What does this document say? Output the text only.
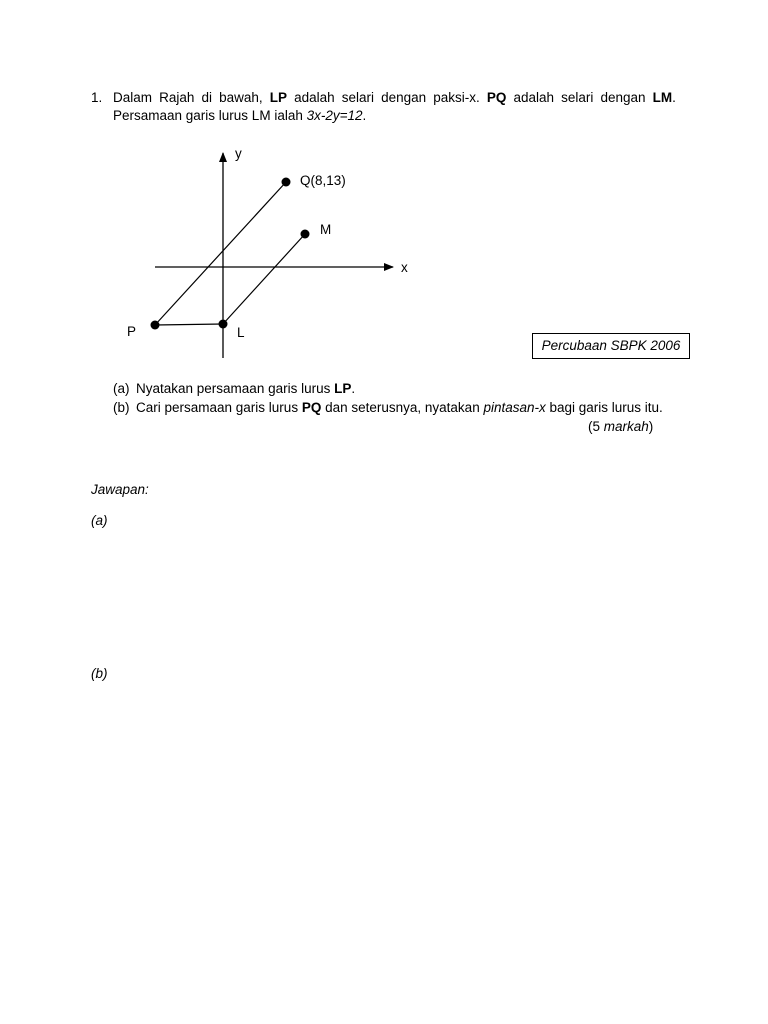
1. Dalam Rajah di bawah, LP adalah selari dengan paksi-x. PQ adalah selari dengan LM.
Persamaan garis lurus LM ialah 3x-2y=12.
y
x
Q(8,13)
M
P	L
Percubaan SBPK 2006
(a) Nyatakan persamaan garis lurus LP.
(b) Cari persamaan garis lurus PQ dan seterusnya, nyatakan pintasan-x bagi garis lurus itu.
(5 markah)
Jawapan:
(a)
(b)
